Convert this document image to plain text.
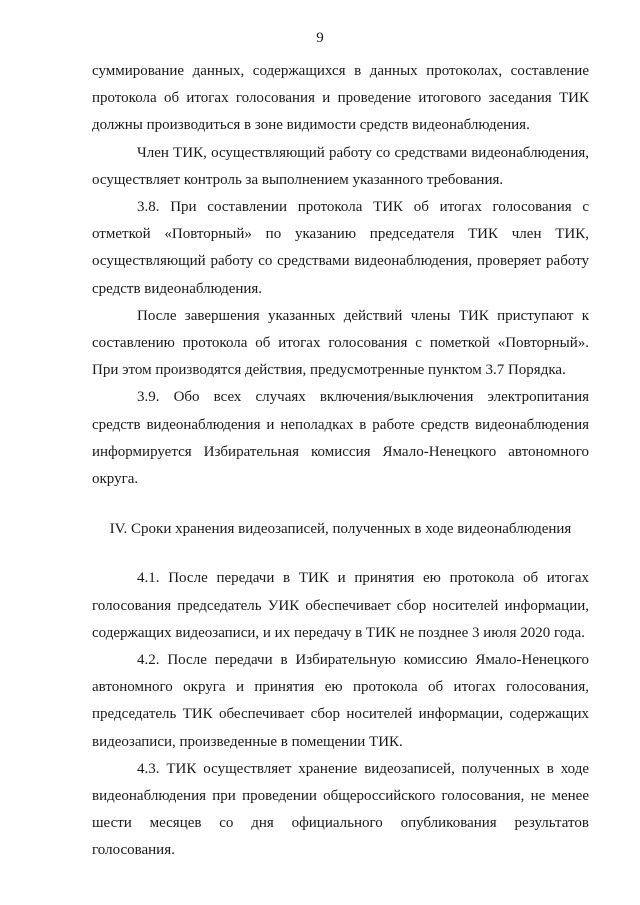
9

суммирование данных, содержащихся в данных протоколах, составление протокола об итогах голосования и проведение итогового заседания ТИК должны производиться в зоне видимости средств видеонаблюдения.

Член ТИК, осуществляющий работу со средствами видеонаблюдения, осуществляет контроль за выполнением указанного требования.

3.8. При составлении протокола ТИК об итогах голосования с отметкой «Повторный» по указанию председателя ТИК член ТИК, осуществляющий работу со средствами видеонаблюдения, проверяет работу средств видеонаблюдения.

После завершения указанных действий члены ТИК приступают к составлению протокола об итогах голосования с пометкой «Повторный». При этом производятся действия, предусмотренные пунктом 3.7 Порядка.

3.9. Обо всех случаях включения/выключения электропитания средств видеонаблюдения и неполадках в работе средств видеонаблюдения информируется Избирательная комиссия Ямало-Ненецкого автономного округа.

IV. Сроки хранения видеозаписей, полученных в ходе видеонаблюдения

4.1. После передачи в ТИК и принятия ею протокола об итогах голосования председатель УИК обеспечивает сбор носителей информации, содержащих видеозаписи, и их передачу в ТИК не позднее 3 июля 2020 года.

4.2. После передачи в Избирательную комиссию Ямало-Ненецкого автономного округа и принятия ею протокола об итогах голосования, председатель ТИК обеспечивает сбор носителей информации, содержащих видеозаписи, произведенные в помещении ТИК.

4.3. ТИК осуществляет хранение видеозаписей, полученных в ходе видеонаблюдения при проведении общероссийского голосования, не менее шести месяцев со дня официального опубликования результатов голосования.
